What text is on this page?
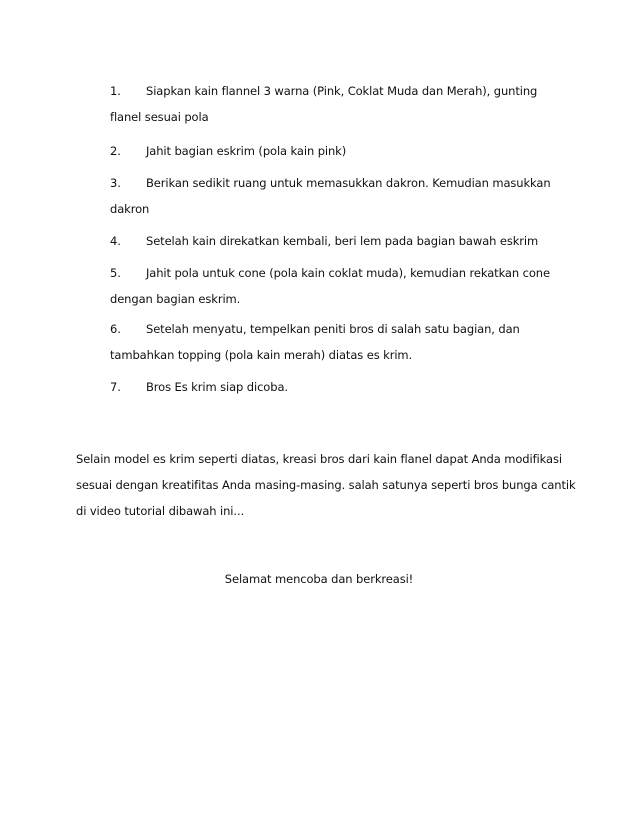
1. Siapkan kain flannel 3 warna (Pink, Coklat Muda dan Merah), gunting flanel sesuai pola
2. Jahit bagian eskrim (pola kain pink)
3. Berikan sedikit ruang untuk memasukkan dakron. Kemudian masukkan dakron
4. Setelah kain direkatkan kembali, beri lem pada bagian bawah eskrim
5. Jahit pola untuk cone (pola kain coklat muda), kemudian rekatkan cone dengan bagian eskrim.
6. Setelah menyatu, tempelkan peniti bros di salah satu bagian, dan tambahkan topping (pola kain merah) diatas es krim.
7. Bros Es krim siap dicoba.
Selain model es krim seperti diatas, kreasi bros dari kain flanel dapat Anda modifikasi sesuai dengan kreatifitas Anda masing-masing. salah satunya seperti bros bunga cantik di video tutorial dibawah ini...
Selamat mencoba dan berkreasi!
